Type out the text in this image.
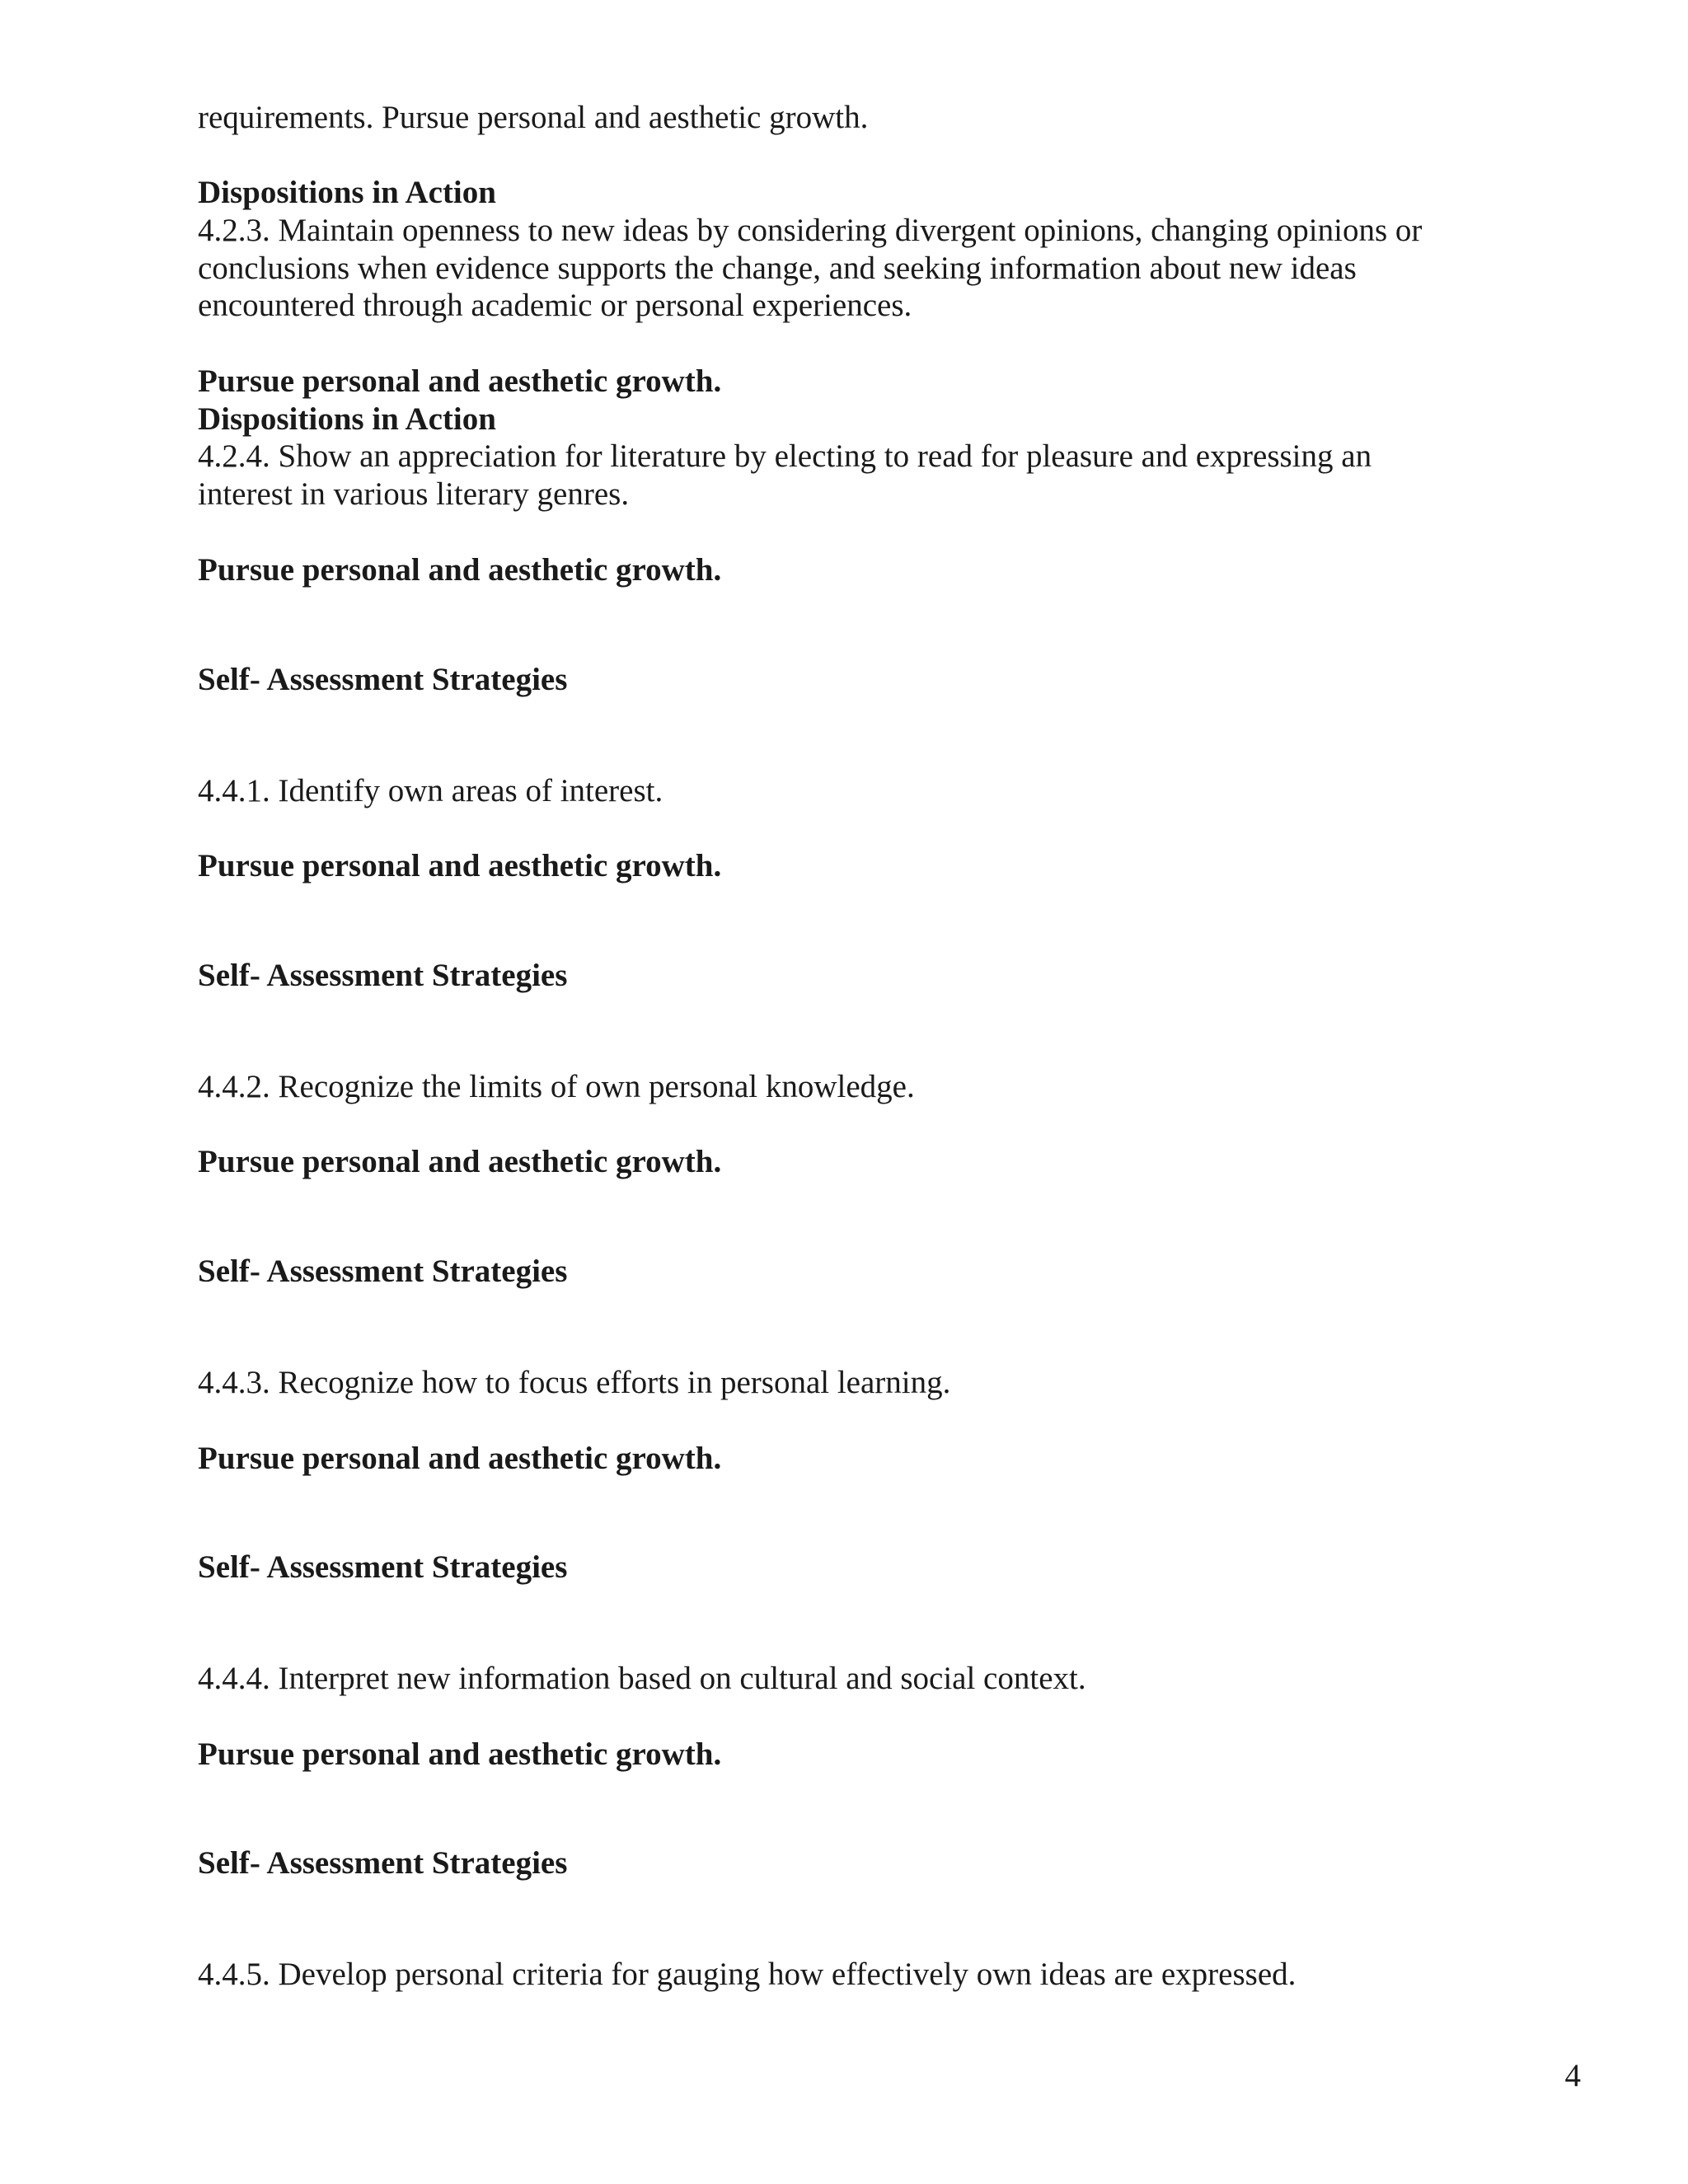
requirements. Pursue personal and aesthetic growth.

Dispositions in Action

4.2.3. Maintain openness to new ideas by considering divergent opinions, changing opinions or

conclusions when evidence supports the change, and seeking information about new ideas

encountered through academic or personal experiences.

Pursue personal and aesthetic growth.

Dispositions in Action

4.2.4. Show an appreciation for literature by electing to read for pleasure and expressing an

interest in various literary genres.

Pursue personal and aesthetic growth.

Self- Assessment Strategies

4.4.1. Identify own areas of interest.

Pursue personal and aesthetic growth.

Self- Assessment Strategies

4.4.2. Recognize the limits of own personal knowledge.

Pursue personal and aesthetic growth.

Self- Assessment Strategies

4.4.3. Recognize how to focus efforts in personal learning.

Pursue personal and aesthetic growth.

Self- Assessment Strategies

4.4.4. Interpret new information based on cultural and social context.

Pursue personal and aesthetic growth.

Self- Assessment Strategies

4.4.5. Develop personal criteria for gauging how effectively own ideas are expressed.

4
